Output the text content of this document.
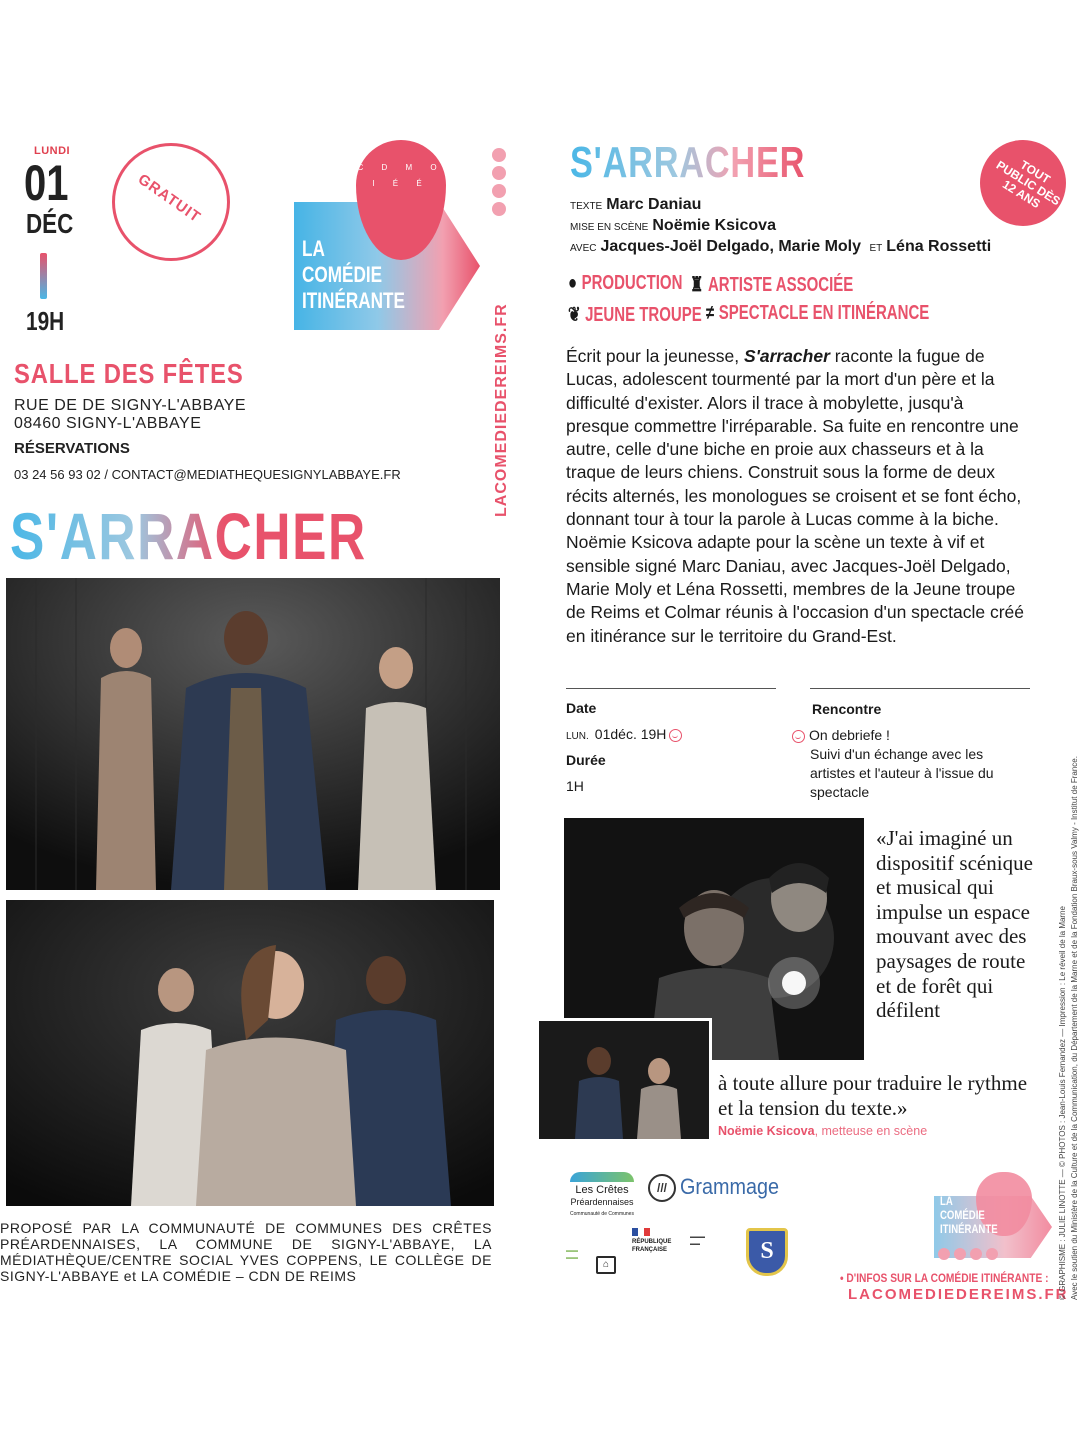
LUNDI
01
DÉC
19H
GRATUIT
C D M O I É É
LA
COMÉDIE
ITINÉRANTE
LACOMEDIEDEREIMS.FR
SALLE DES FÊTES
RUE DE DE SIGNY-L'ABBAYE
08460 SIGNY-L'ABBAYE
RÉSERVATIONS
03 24 56 93 02 / CONTACT@MEDIATHEQUESIGNYLABBAYE.FR
S'ARRACHER
PROPOSÉ PAR LA COMMUNAUTÉ DE COMMUNES DES CRÊTES PRÉARDENNAISES, LA COMMUNE DE SIGNY-L'ABBAYE, LA MÉDIATHÈQUE/CENTRE SOCIAL YVES COPPENS, LE COLLÈGE DE SIGNY-L'ABBAYE et LA COMÉDIE – CDN DE REIMS
S'ARRACHER	TOUT PUBLIC DÈS 12 ANS
TEXTE Marc Daniau
MISE EN SCÈNE Noëmie Ksicova
AVEC Jacques-Joël Delgado, Marie Moly ET Léna Rossetti
● PRODUCTION ♜ ARTISTE ASSOCIÉE
❦ JEUNE TROUPE ≠ SPECTACLE EN ITINÉRANCE
Écrit pour la jeunesse, S'arracher raconte la fugue de Lucas, adolescent tourmenté par la mort d'un père et la difficulté d'exister. Alors il trace à mobylette, jusqu'à presque commettre l'irréparable. Sa fuite en rencontre une autre, celle d'une biche en proie aux chasseurs et à la traque de leurs chiens. Construit sous la forme de deux récits alternés, les monologues se croisent et se font écho, donnant tour à tour la parole à Lucas comme à la biche. Noëmie Ksicova adapte pour la scène un texte à vif et sensible signé Marc Daniau, avec Jacques-Joël Delgado, Marie Moly et Léna Rossetti, membres de la Jeune troupe de Reims et Colmar réunis à l'occasion d'un spectacle créé en itinérance sur le territoire du Grand-Est.
Date
LUN. 01déc. 19H
Durée
1H
Rencontre
On debriefe !
Suivi d'un échange avec les artistes et l'auteur à l'issue du spectacle
«J'ai imaginé un dispositif scénique et musical qui impulse un espace mouvant avec des paysages de route et de forêt qui défilent
à toute allure pour traduire le rythme et la tension du texte.»
Noëmie Ksicova, metteuse en scène
Les Crêtes
Préardennaises
Communauté de Communes
/// Grammage
▬▬
▬▬
⌂
RÉPUBLIQUE FRANÇAISE
▬▬▬
▬▬	S
LA
COMÉDIE
ITINÉRANTE
• D'INFOS SUR LA COMÉDIE ITINÉRANTE :
LACOMEDIEDEREIMS.FR
© GRAPHISME : JULIE LINOTTE — © PHOTOS : Jean-Louis Fernandez — Impression : Le réveil de la Marne Avec le soutien du Ministère de la Culture et de la Communication, du Département de la Marne et de la Fondation Braux-sous Valmy - Institut de France.
